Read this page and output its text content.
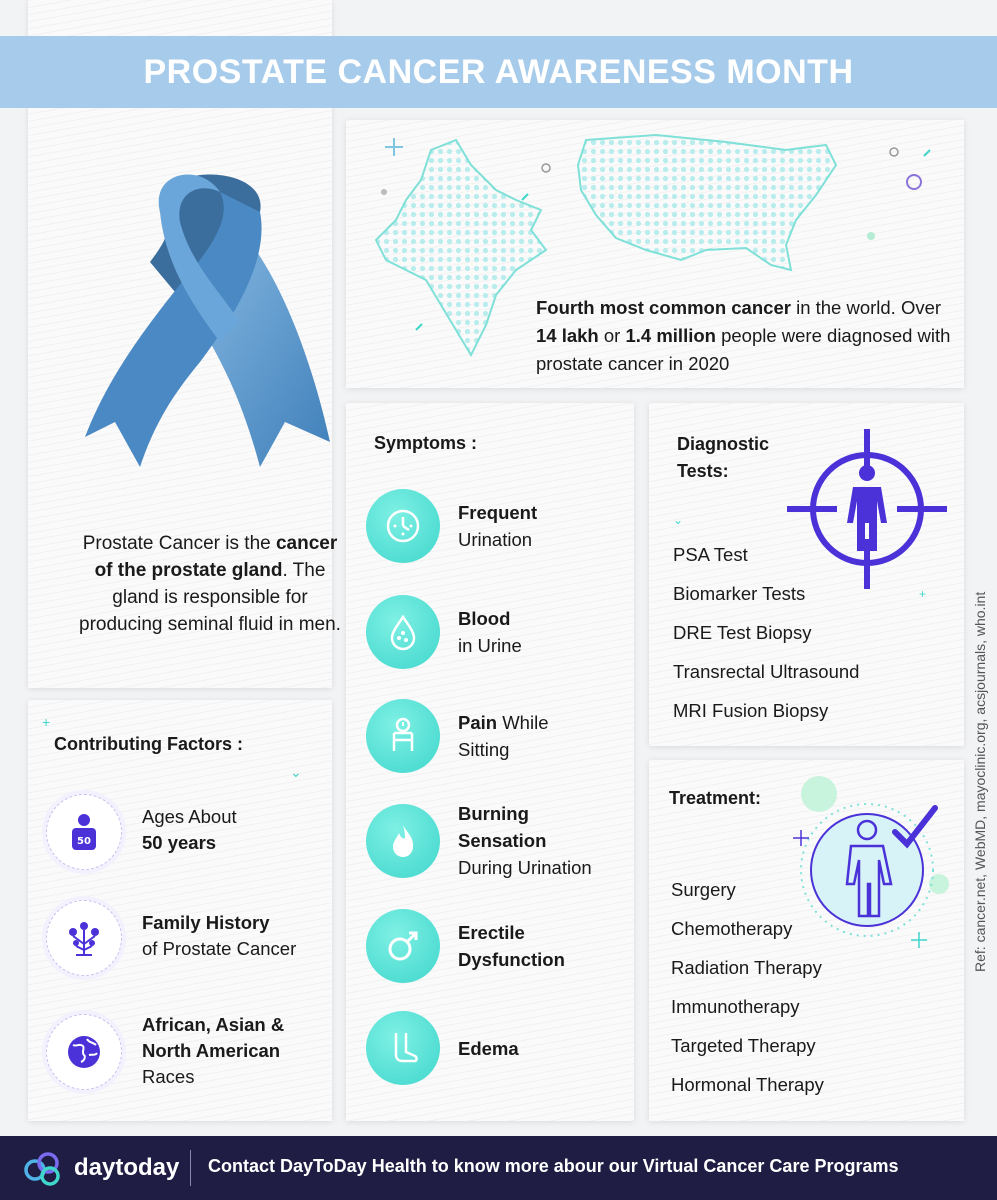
Prostate Cancer is the cancer of the prostate gland. The gland is responsible for producing seminal fluid in men.
PROSTATE CANCER AWARENESS MONTH
Fourth most common cancer in the world. Over 14 lakh or 1.4 million people were diagnosed with prostate cancer in 2020
Symptoms :
Frequent
Urination
Blood
in Urine
Pain While
Sitting
Burning Sensation
During Urination
Erectile Dysfunction
Edema
Diagnostic
Tests:
⌄
+
PSA Test
Biomarker Tests
DRE Test Biopsy
Transrectal Ultrasound
MRI Fusion Biopsy
Treatment:
Surgery
Chemotherapy
Radiation Therapy
Immunotherapy
Targeted Therapy
Hormonal Therapy
Contributing Factors :
+
⌄
50
Ages About
50 years
Family History
of Prostate Cancer
African, Asian & North American
Races
Ref: cancer.net, WebMD, mayoclinic.org, acsjournals, who.int
daytoday Contact DayToDay Health to know more abour our Virtual Cancer Care Programs
